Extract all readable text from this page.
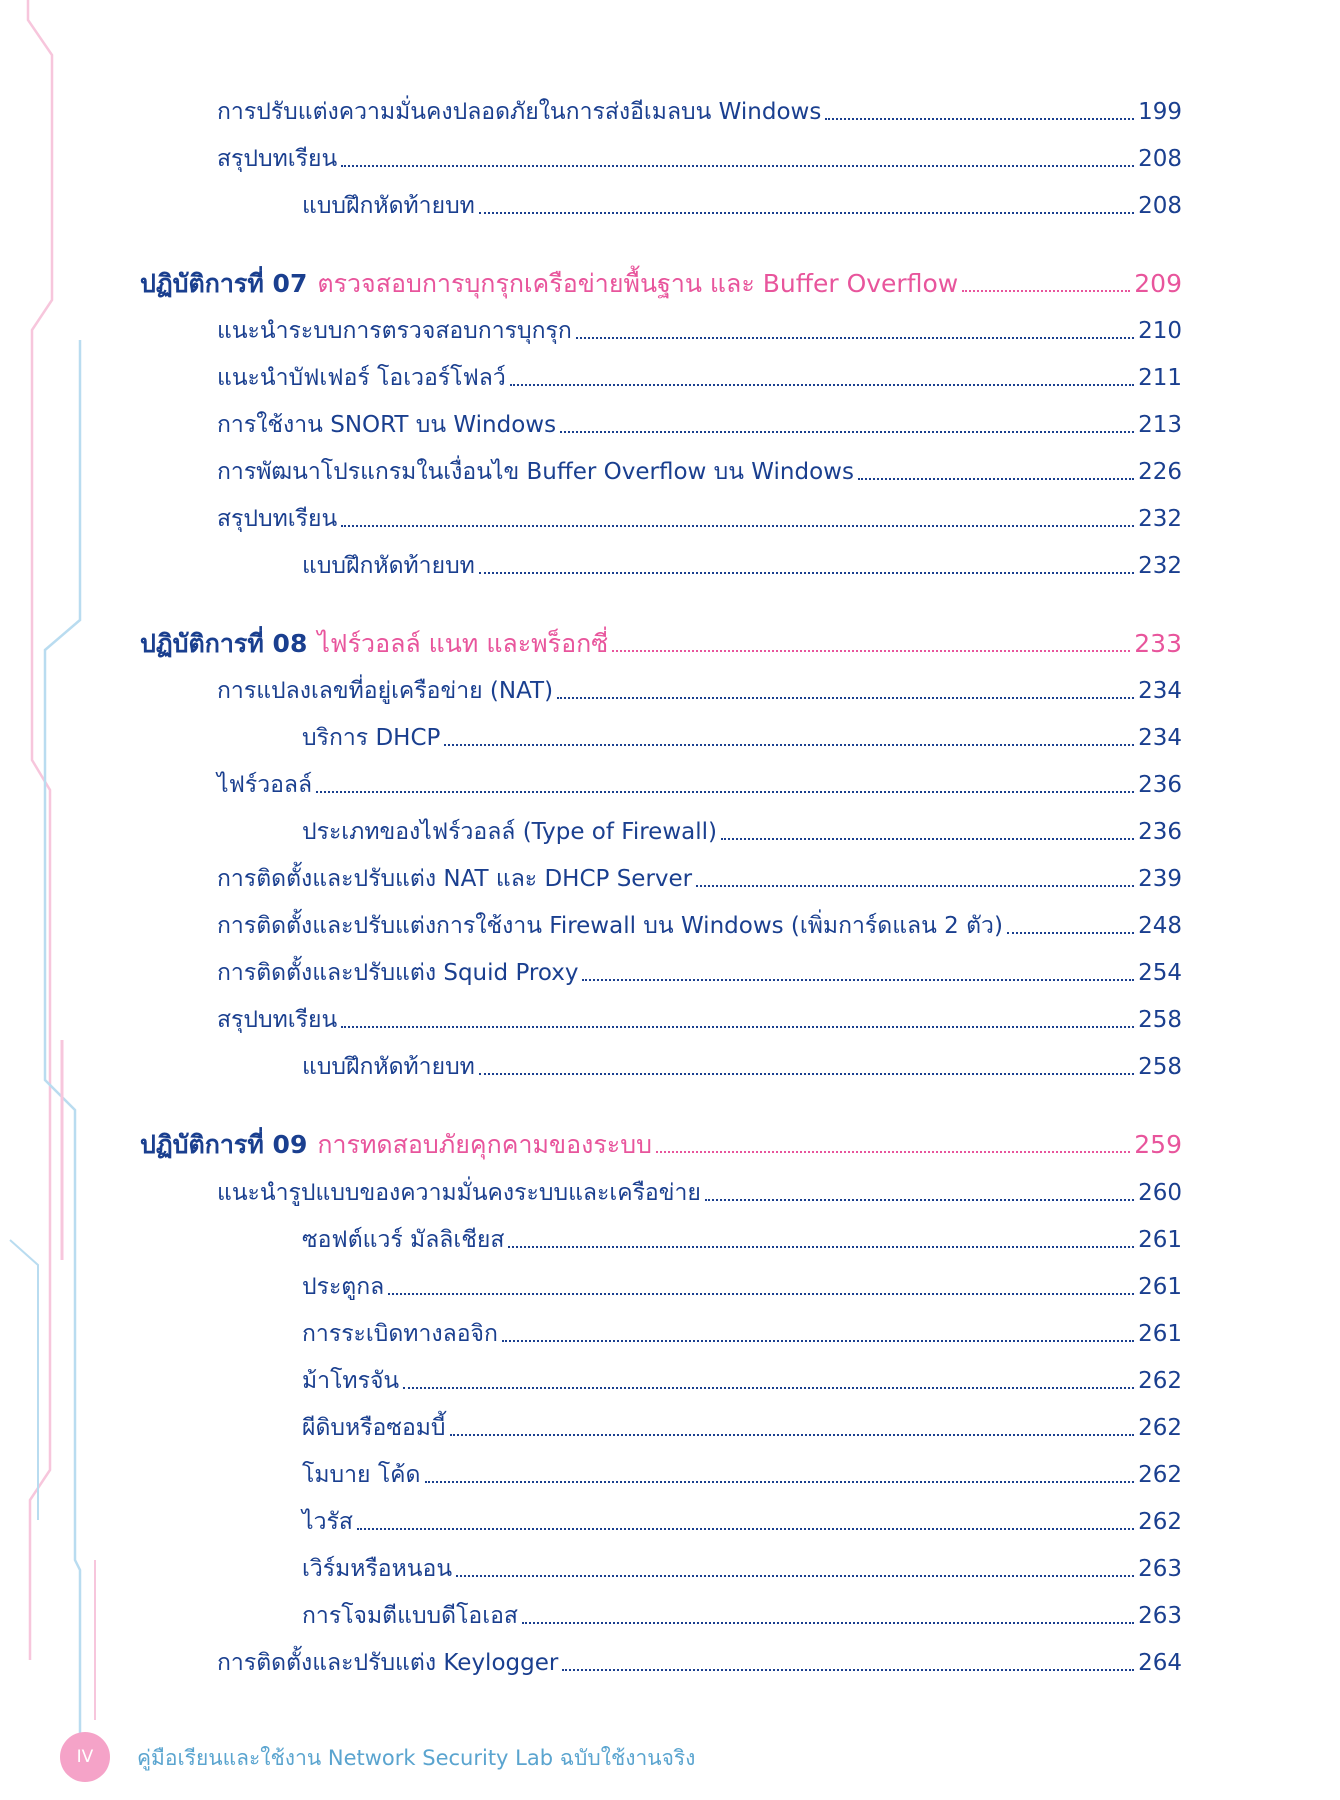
การปรับแต่งความมั่นคงปลอดภัยในการส่งอีเมลบน Windows	199
สรุปบทเรียน	208
แบบฝึกหัดท้ายบท	208
ปฏิบัติการที่ 07 ตรวจสอบการบุกรุกเครือข่ายพื้นฐาน และ Buffer Overflow	209
แนะนำระบบการตรวจสอบการบุกรุก	210
แนะนำบัฟเฟอร์ โอเวอร์โฟลว์	211
การใช้งาน SNORT บน Windows	213
การพัฒนาโปรแกรมในเงื่อนไข Buffer Overflow บน Windows	226
สรุปบทเรียน	232
แบบฝึกหัดท้ายบท	232
ปฏิบัติการที่ 08 ไฟร์วอลล์ แนท และพร็อกซี่	233
การแปลงเลขที่อยู่เครือข่าย (NAT)	234
บริการ DHCP	234
ไฟร์วอลล์	236
ประเภทของไฟร์วอลล์ (Type of Firewall)	236
การติดตั้งและปรับแต่ง NAT และ DHCP Server	239
การติดตั้งและปรับแต่งการใช้งาน Firewall บน Windows (เพิ่มการ์ดแลน 2 ตัว)	248
การติดตั้งและปรับแต่ง Squid Proxy	254
สรุปบทเรียน	258
แบบฝึกหัดท้ายบท	258
ปฏิบัติการที่ 09 การทดสอบภัยคุกคามของระบบ	259
แนะนำรูปแบบของความมั่นคงระบบและเครือข่าย	260
ซอฟต์แวร์ มัลลิเชียส	261
ประตูกล	261
การระเบิดทางลอจิก	261
ม้าโทรจัน	262
ผีดิบหรือซอมบี้	262
โมบาย โค้ด	262
ไวรัส	262
เวิร์มหรือหนอน	263
การโจมตีแบบดีโอเอส	263
การติดตั้งและปรับแต่ง Keylogger	264
IV	คู่มือเรียนและใช้งาน Network Security Lab ฉบับใช้งานจริง
